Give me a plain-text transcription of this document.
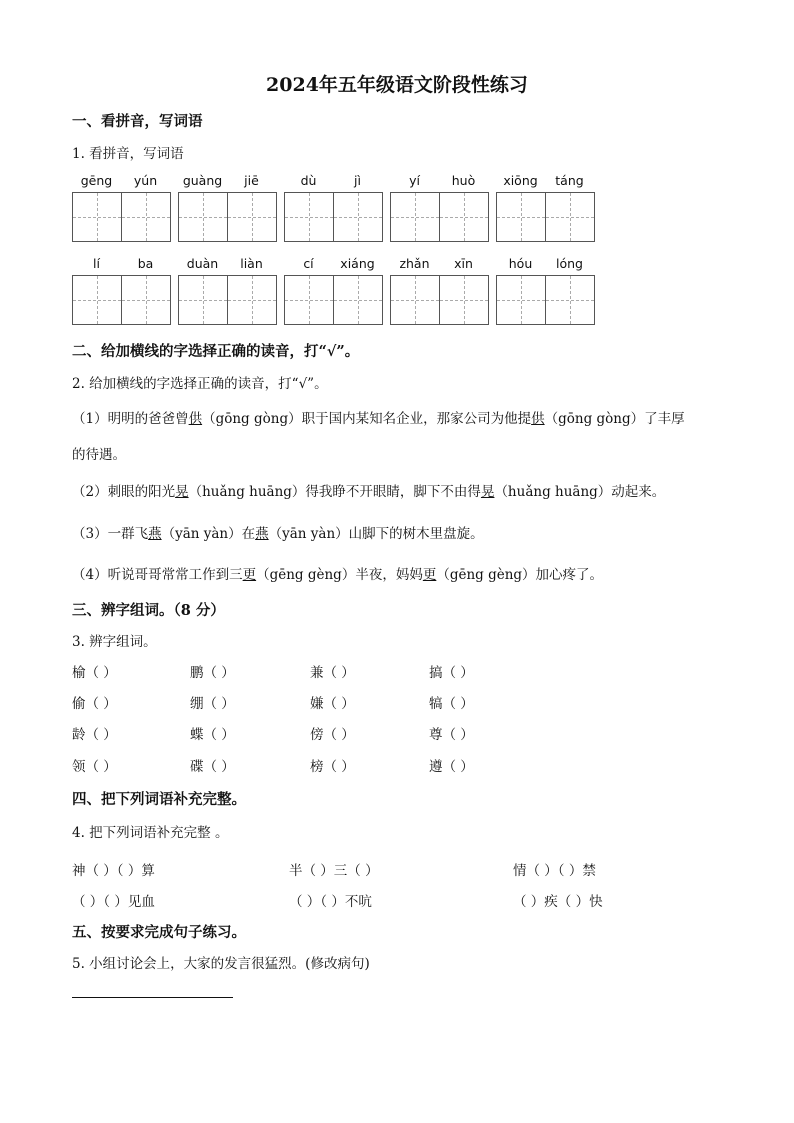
2024年五年级语文阶段性练习
一、看拼音，写词语
1. 看拼音，写词语
gēng	yún	guàng	jiē	dù	jì	yí	huò	xiōng	táng
lí	ba	duàn	liàn	cí	xiáng	zhǎn	xīn	hóu	lóng
二、给加横线的字选择正确的读音，打“√”。
2. 给加横线的字选择正确的读音，打“√”。
（1）明明的爸爸曾供（gōng gòng）职于国内某知名企业，那家公司为他提供（gōng gòng）了丰厚
的待遇。
（2）刺眼的阳光晃（huǎng huāng）得我睁不开眼睛，脚下不由得晃（huǎng huāng）动起来。
（3）一群飞燕（yān yàn）在燕（yān yàn）山脚下的树木里盘旋。
（4）听说哥哥常常工作到三更（gēng gèng）半夜，妈妈更（gēng gèng）加心疼了。
三、辨字组词。（8 分）
3. 辨字组词。
榆（ ）	鹏（ ）	兼（ ）	搞（ ）
偷（ ）	绷（ ）	嫌（ ）	犒（ ）
龄（ ）	蝶（ ）	傍（ ）	尊（ ）
领（ ）	碟（ ）	榜（ ）	遵（ ）
四、把下列词语补充完整。
4. 把下列词语补充完整 。
神（ ）（ ）算	半（ ）三（ ）	情（ ）（ ）禁
（ ）（ ）见血	（ ）（ ）不吭	（ ）疾（ ）快
五、按要求完成句子练习。
5. 小组讨论会上，大家的发言很猛烈。(修改病句)
